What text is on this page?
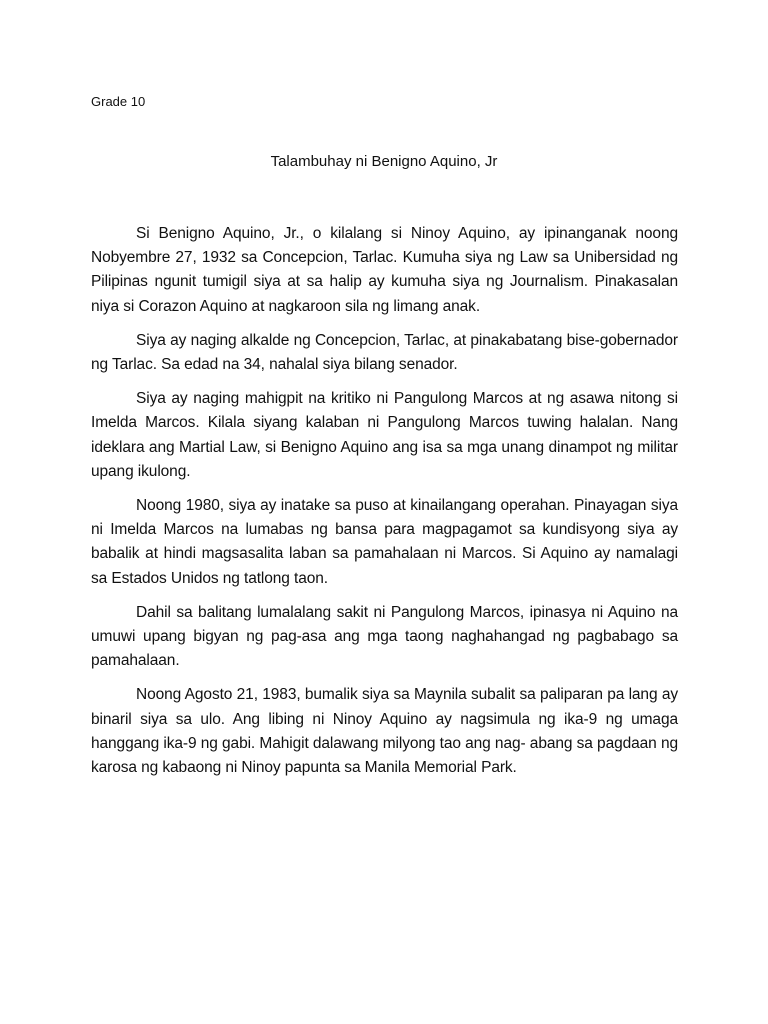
Grade 10
Talambuhay ni Benigno Aquino, Jr

Si Benigno Aquino, Jr., o kilalang si Ninoy Aquino, ay ipinanganak noong Nobyembre 27, 1932 sa Concepcion, Tarlac. Kumuha siya ng Law sa Unibersidad ng Pilipinas ngunit tumigil siya at sa halip ay kumuha siya ng Journalism. Pinakasalan niya si Corazon Aquino at nagkaroon sila ng limang anak.

Siya ay naging alkalde ng Concepcion, Tarlac, at pinakabatang bise-gobernador ng Tarlac. Sa edad na 34, nahalal siya bilang senador.

Siya ay naging mahigpit na kritiko ni Pangulong Marcos at ng asawa nitong si Imelda Marcos. Kilala siyang kalaban ni Pangulong Marcos tuwing halalan. Nang ideklara ang Martial Law, si Benigno Aquino ang isa sa mga unang dinampot ng militar upang ikulong.

Noong 1980, siya ay inatake sa puso at kinailangang operahan. Pinayagan siya ni Imelda Marcos na lumabas ng bansa para magpagamot sa kundisyong siya ay babalik at hindi magsasalita laban sa pamahalaan ni Marcos. Si Aquino ay namalagi sa Estados Unidos ng tatlong taon.

Dahil sa balitang lumalalang sakit ni Pangulong Marcos, ipinasya ni Aquino na umuwi upang bigyan ng pag-asa ang mga taong naghahangad ng pagbabago sa pamahalaan.

Noong Agosto 21, 1983, bumalik siya sa Maynila subalit sa paliparan pa lang ay binaril siya sa ulo. Ang libing ni Ninoy Aquino ay nagsimula ng ika-9 ng umaga hanggang ika-9 ng gabi. Mahigit dalawang milyong tao ang nag- abang sa pagdaan ng karosa ng kabaong ni Ninoy papunta sa Manila Memorial Park.
